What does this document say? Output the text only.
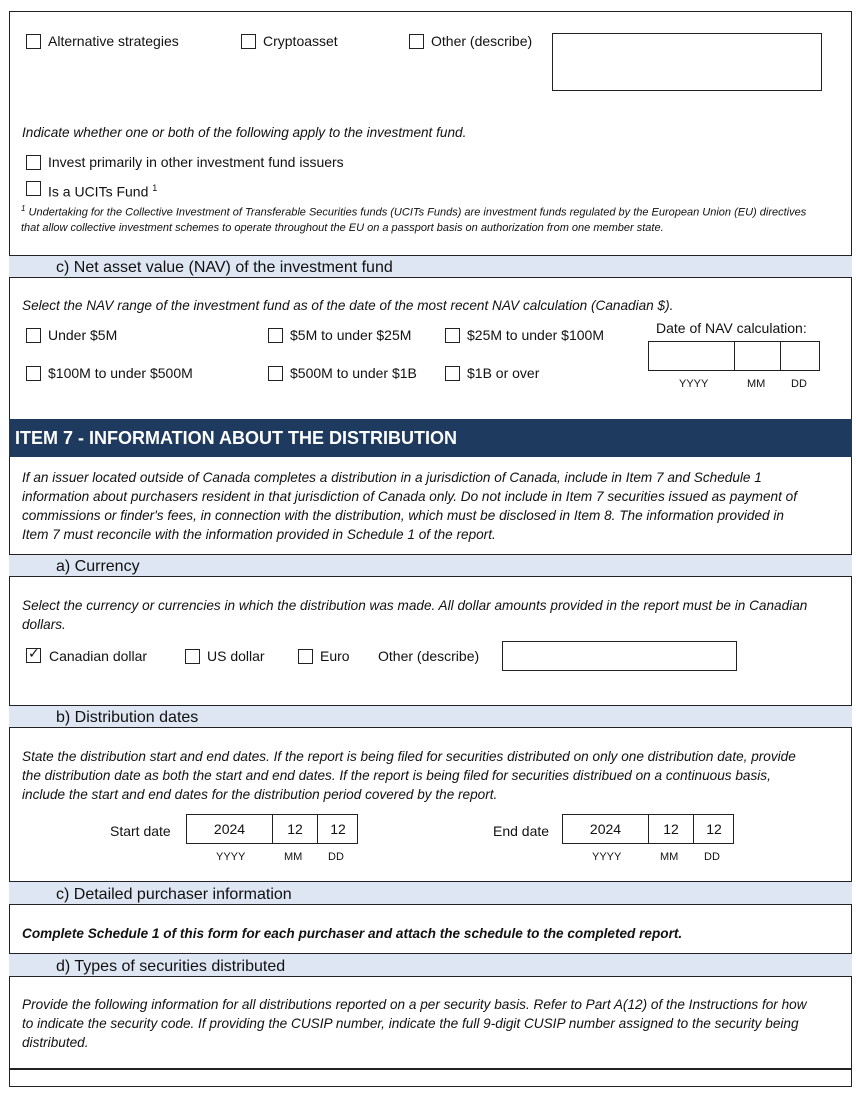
Alternative strategies	Cryptoasset	Other (describe)
Indicate whether one or both of the following apply to the investment fund.
Invest primarily in other investment fund issuers
Is a UCITs Fund $^1$
$^1$ Undertaking for the Collective Investment of Transferable Securities funds (UCITs Funds) are investment funds regulated by the European Union (EU) directives
that allow collective investment schemes to operate throughout the EU on a passport basis on authorization from one member state.
c) Net asset value (NAV) of the investment fund
Select the NAV range of the investment fund as of the date of the most recent NAV calculation (Canadian $).
Under $5M	$5M to under $25M	$25M to under $100M
$100M to under $500M	$500M to under $1B	$1B or over
Date of NAV calculation:
YYYY	MM DD
ITEM 7 - INFORMATION ABOUT THE DISTRIBUTION
If an issuer located outside of Canada completes a distribution in a jurisdiction of Canada, include in Item 7 and Schedule 1
information about purchasers resident in that jurisdiction of Canada only. Do not include in Item 7 securities issued as payment of
commissions or finder's fees, in connection with the distribution, which must be disclosed in Item 8. The information provided in
Item 7 must reconcile with the information provided in Schedule 1 of the report.
a) Currency
Select the currency or currencies in which the distribution was made. All dollar amounts provided in the report must be in Canadian
dollars.
✓ Canadian dollar	US dollar	Euro Other (describe)
b) Distribution dates
State the distribution start and end dates. If the report is being filed for securities distributed on only one distribution date, provide
the distribution date as both the start and end dates. If the report is being filed for securities distribued on a continuous basis,
include the start and end dates for the distribution period covered by the report.
Start date	2024	12	12
YYYY	MM DD
End date	2024	12	12
YYYY	MM DD
c) Detailed purchaser information
Complete Schedule 1 of this form for each purchaser and attach the schedule to the completed report.
d) Types of securities distributed
Provide the following information for all distributions reported on a per security basis. Refer to Part A(12) of the Instructions for how
to indicate the security code. If providing the CUSIP number, indicate the full 9-digit CUSIP number assigned to the security being
distributed.
